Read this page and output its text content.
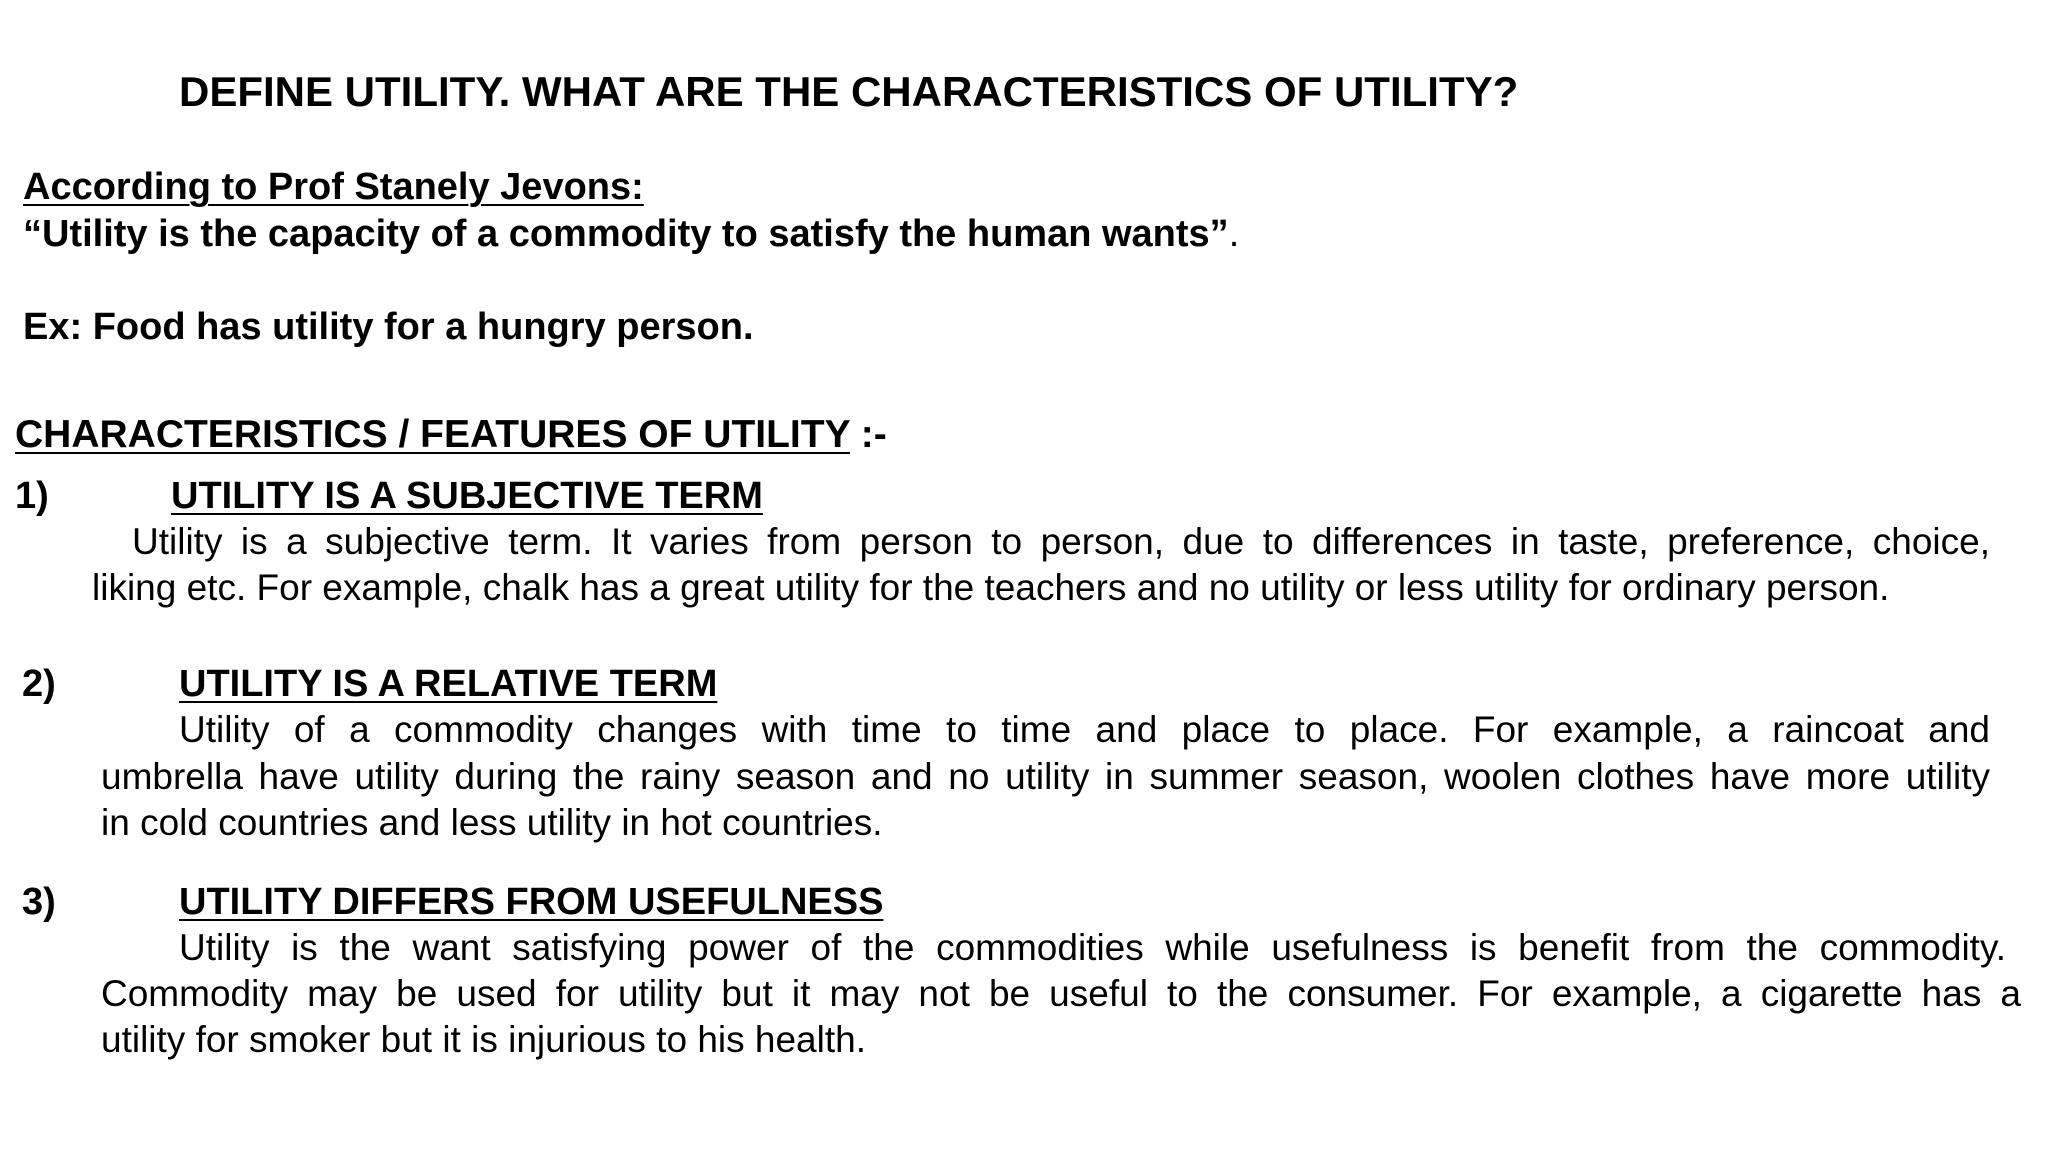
DEFINE UTILITY. WHAT ARE THE CHARACTERISTICS OF UTILITY?
According to Prof Stanely Jevons:
“Utility is the capacity of a commodity to satisfy the human wants”.
Ex: Food has utility for a hungry person.
CHARACTERISTICS / FEATURES OF UTILITY :-
1)	UTILITY IS A SUBJECTIVE TERM
Utility is a subjective term. It varies from person to person, due to differences in taste, preference, choice,
liking etc. For example, chalk has a great utility for the teachers and no utility or less utility for ordinary person.
2)	UTILITY IS A RELATIVE TERM
Utility of a commodity changes with time to time and place to place. For example, a raincoat and
umbrella have utility during the rainy season and no utility in summer season, woolen clothes have more utility
in cold countries and less utility in hot countries.
3)	UTILITY DIFFERS FROM USEFULNESS
Utility is the want satisfying power of the commodities while usefulness is benefit from the commodity.
Commodity may be used for utility but it may not be useful to the consumer. For example, a cigarette has a
utility for smoker but it is injurious to his health.
